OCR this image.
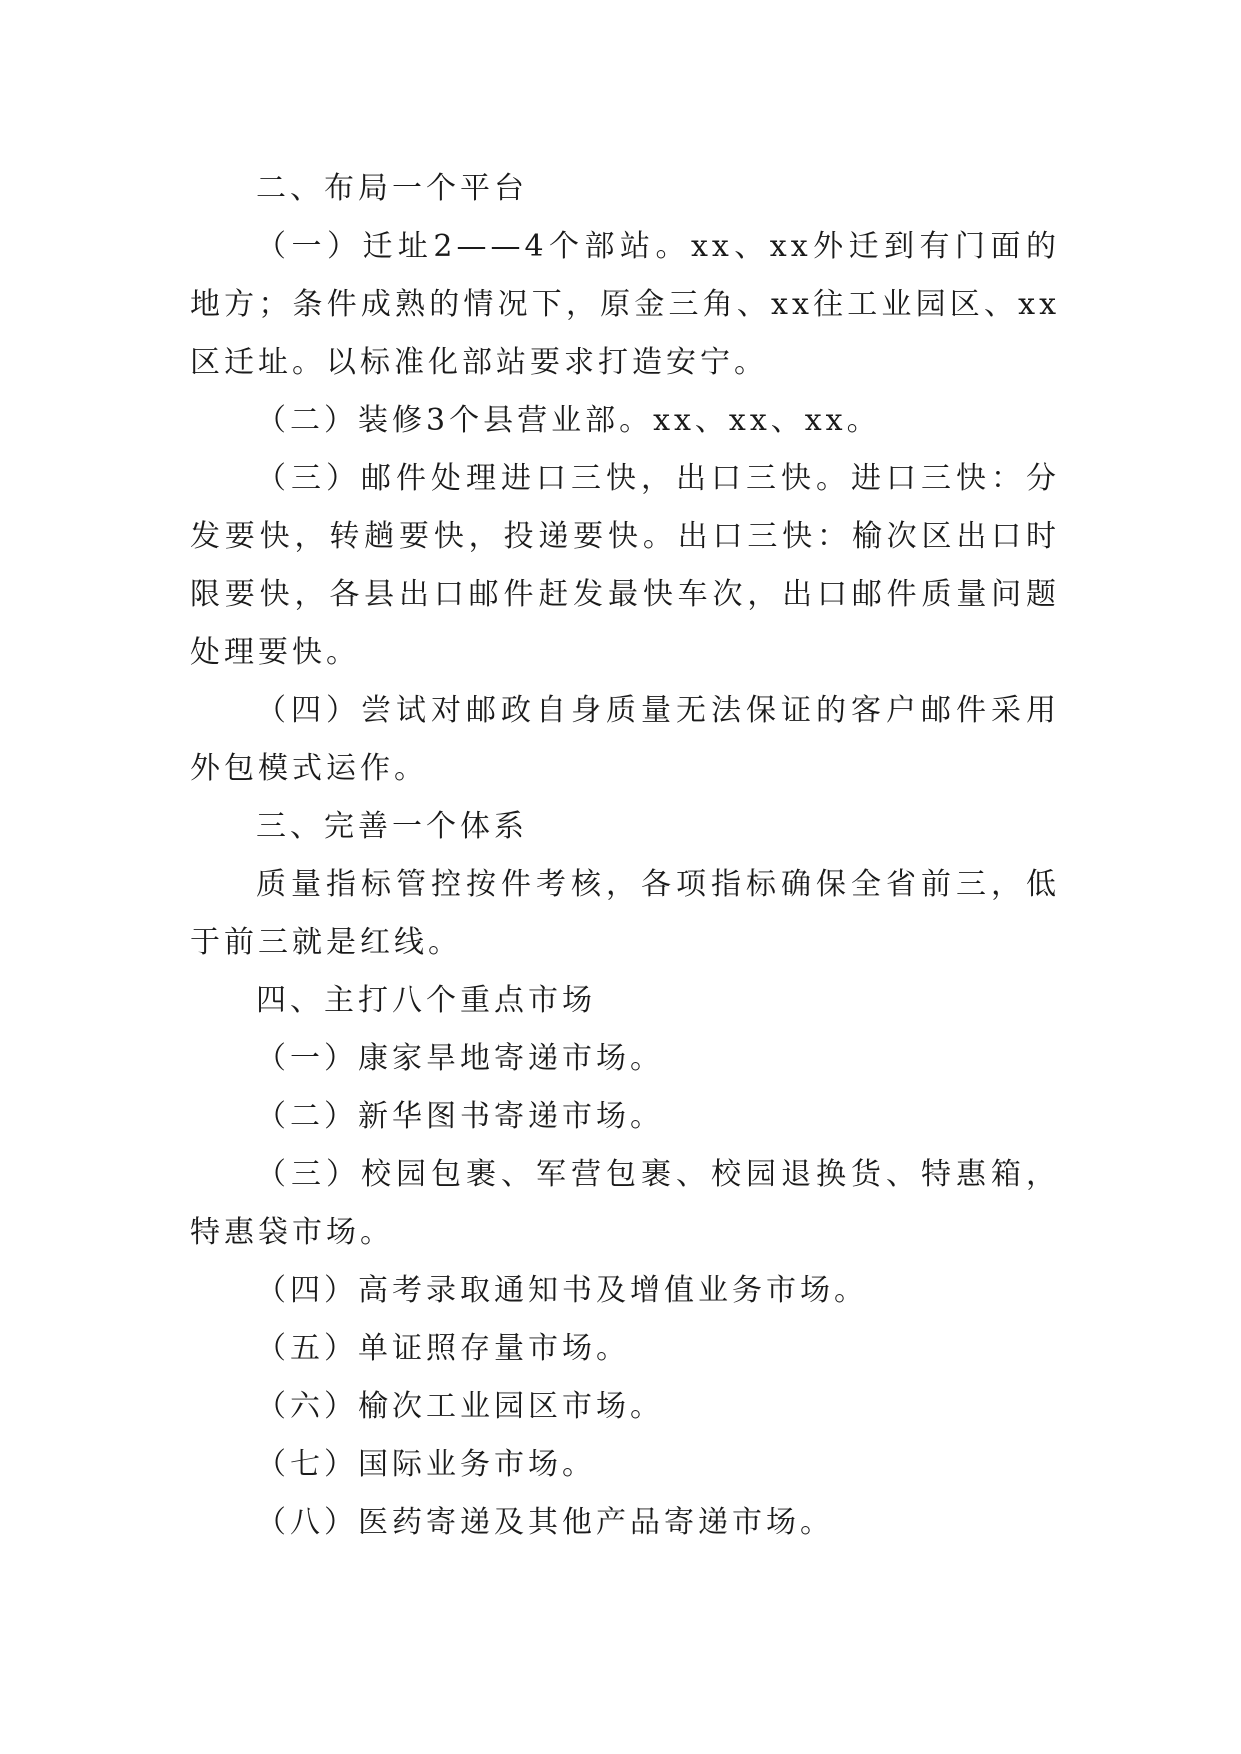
二、布局一个平台

（一）迁址2——4个部站。xx、xx外迁到有门面的地方；条件成熟的情况下，原金三角、xx往工业园区、xx区迁址。以标准化部站要求打造安宁。

（二）装修3个县营业部。xx、xx、xx。

（三）邮件处理进口三快，出口三快。进口三快：分发要快，转趟要快，投递要快。出口三快：榆次区出口时限要快，各县出口邮件赶发最快车次，出口邮件质量问题处理要快。

（四）尝试对邮政自身质量无法保证的客户邮件采用外包模式运作。

三、完善一个体系

质量指标管控按件考核，各项指标确保全省前三，低于前三就是红线。

四、主打八个重点市场

（一）康家旱地寄递市场。

（二）新华图书寄递市场。

（三）校园包裹、军营包裹、校园退换货、特惠箱，特惠袋市场。

（四）高考录取通知书及增值业务市场。

（五）单证照存量市场。

（六）榆次工业园区市场。

（七）国际业务市场。

（八）医药寄递及其他产品寄递市场。
